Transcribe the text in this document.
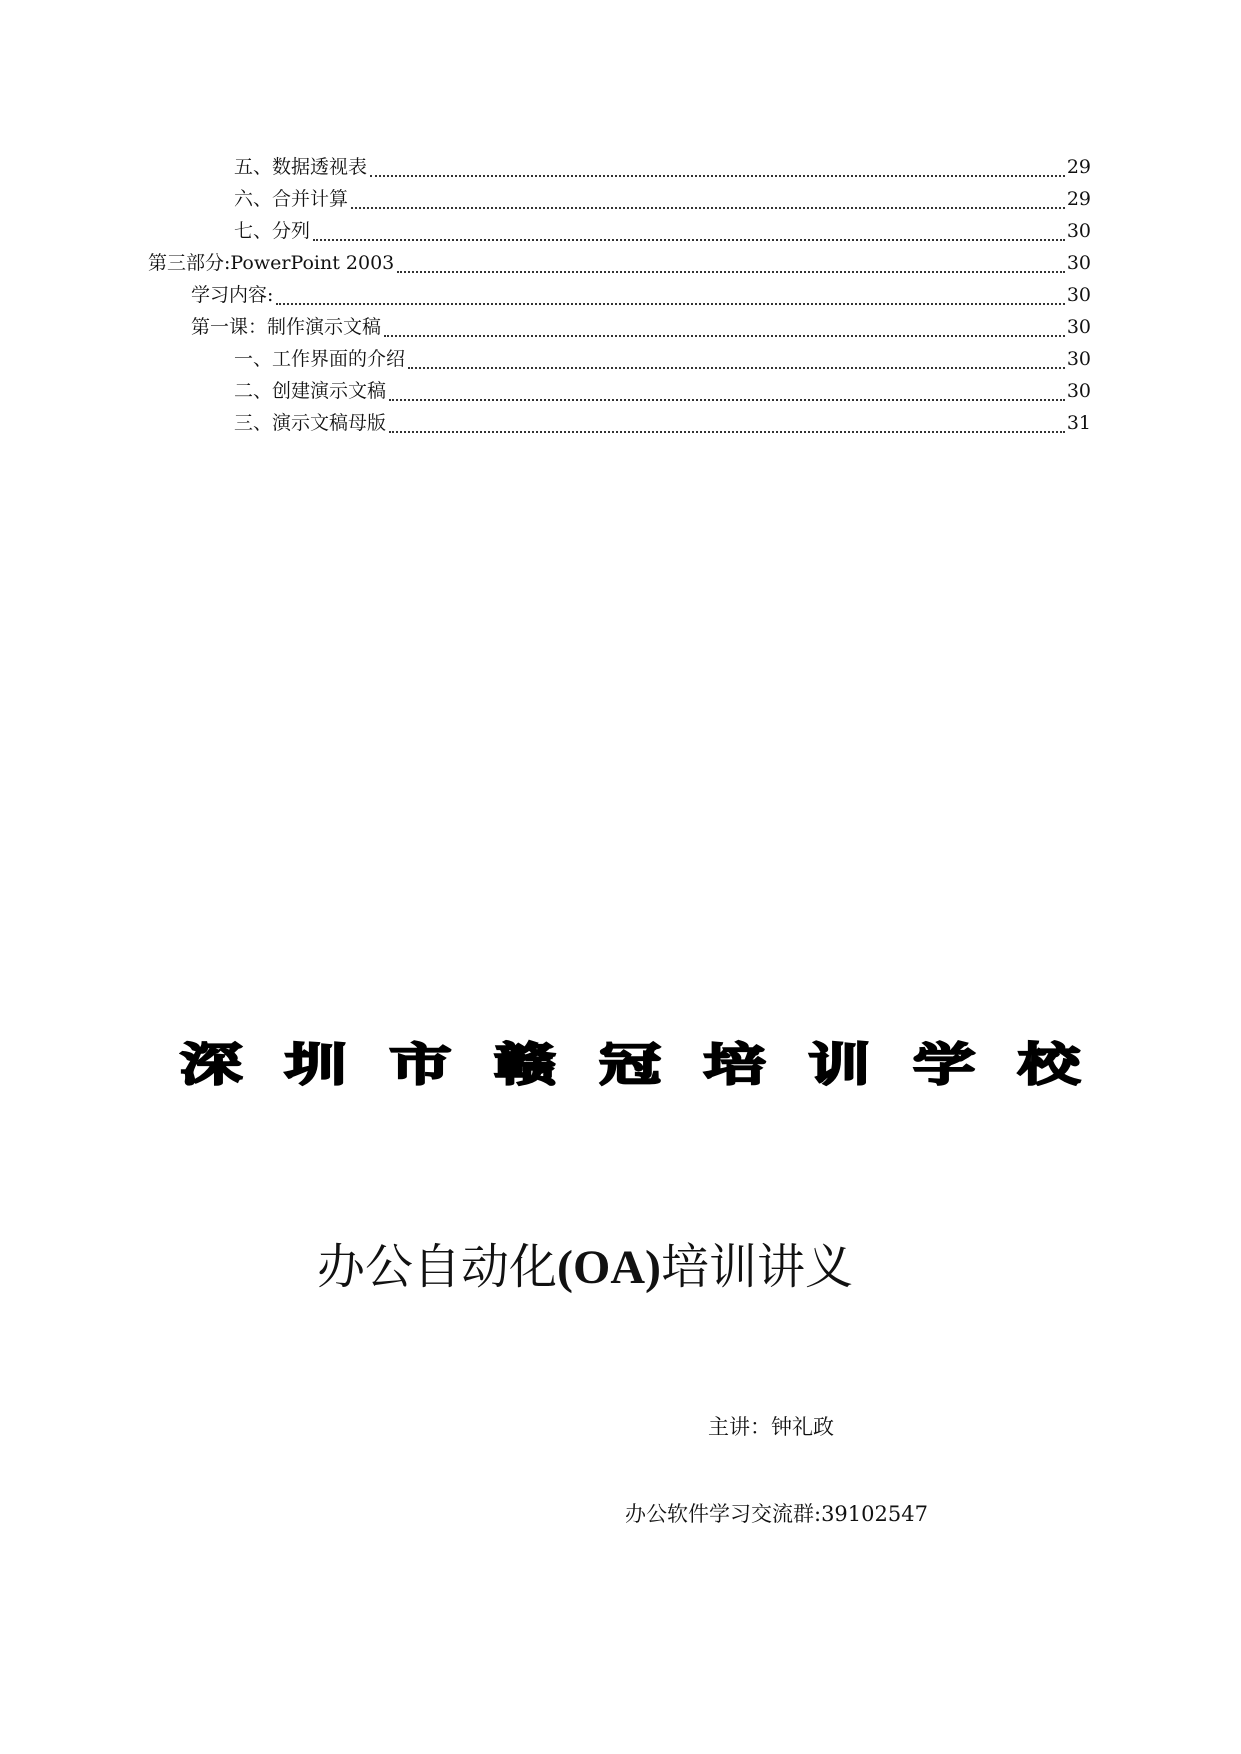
五、数据透视表	29
六、合并计算	29
七、分列	30
第三部分:PowerPoint 2003	30
学习内容:	30
第一课：制作演示文稿	30
一、工作界面的介绍	30
二、创建演示文稿	30
三、演示文稿母版	31
深 圳 市 赣 冠 培 训 学 校
办公自动化(OA)培训讲义
主讲：钟礼政
办公软件学习交流群:39102547
